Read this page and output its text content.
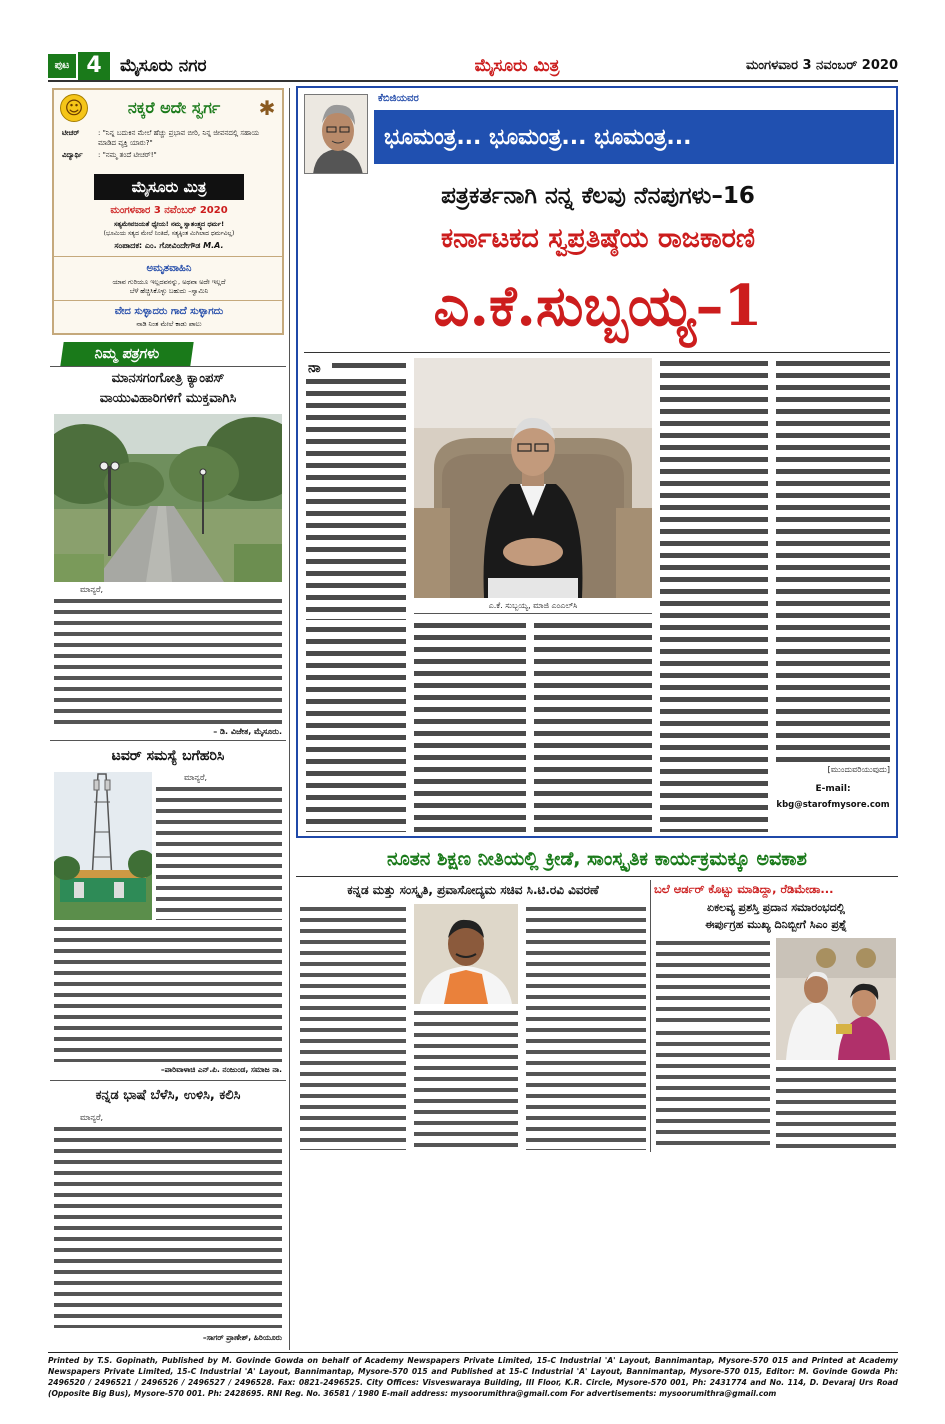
ಪುಟ 4	ಮೈಸೂರು ನಗರ	ಮೈಸೂರು ಮಿತ್ರ	ಮಂಗಳವಾರ 3 ನವಂಬರ್ 2020
☺	ನಕ್ಕರೆ ಅದೇ ಸ್ವರ್ಗ	✱
ಟೀಚರ್	: "ನಿನ್ನ ಬದುಕಿನ ಮೇಲೆ ಹೆಚ್ಚು ಪ್ರಭಾವ ಬೀರಿ, ನಿನ್ನ ಜೀವನದಲ್ಲಿ ಸಹಾಯ ಮಾಡಿದ ವ್ಯಕ್ತಿ ಯಾರು?"
ವಿದ್ಯಾರ್ಥಿ	: "ನಮ್ಮ ತಂದೆ ಟೀಚರ್!"
ಮೈಸೂರು ಮಿತ್ರ
ಮಂಗಳವಾರ 3 ನವೆಂಬರ್ 2020
ಸತ್ಯಮೇವಜಯತೆ ಧ್ಯೇಯ! ನಮ್ಮ ಸ್ವಾತಂತ್ರ್ಯದ ಧರ್ಮ!
(ಭೂಮಿಯ ಸತ್ಯದ ಮೇಲೆ ನಿಂತಿದೆ, ಸತ್ಯಕ್ಕಿಂತ ಮಿಗಿಲಾದ ಧರ್ಮವಿಲ್ಲ)
ಸಂಪಾದಕ: ಎಂ. ಗೋವಿಂದೇಗೌಡ M.A.
ಅಮೃತವಾಹಿನಿ
ಯಾವ ಗುರಿಯೂ ಇಲ್ಲದವನನ್ನು, ಅಥವಾ ಅದೇ ಇಲ್ಲದೆ
ಬೆಳೆ ಹೆಚ್ಚಿಸಿಕೊಳ್ಳು ಬಹುದು –ಸ್ವಾಮಿನಿ
ವೇದ ಸುಳ್ಳಾದರು ಗಾದೆ ಸುಳ್ಳಾಗದು
ನಾಡಿ ನಿಂತ ಮೇಲೆ ಕಾಡು ಪಾಲು
ನಿಮ್ಮ ಪತ್ರಗಳು
ಮಾನಸಗಂಗೋತ್ರಿ ಕ್ಯಾಂಪಸ್
ವಾಯುವಿಹಾರಿಗಳಿಗೆ ಮುಕ್ತವಾಗಿಸಿ
ಮಾನ್ಯರೆ,
– ಡಿ. ವಿಜೇತ, ಮೈಸೂರು.
ಟವರ್ ಸಮಸ್ಯೆ ಬಗೆಹರಿಸಿ
ಮಾನ್ಯರೆ,
–ಪಾರಿವಾಳಾಚಿ ಎನ್.ಪಿ. ನಂಜುಂಡ, ಸಮಾಜ ನಾ.
ಕನ್ನಡ ಭಾಷೆ ಬೆಳೆಸಿ, ಉಳಿಸಿ, ಕಲಿಸಿ
ಮಾನ್ಯರೆ,
–ಸಾಗರ್ ಪ್ರಾಣೇಶ್, ಹಿರಿಯೂರು
ಕೆಬಿಜಿಯವರ
ಭೂಮಂತ್ರ... ಭೂಮಂತ್ರ... ಭೂಮಂತ್ರ...
ಪತ್ರಕರ್ತನಾಗಿ ನನ್ನ ಕೆಲವು ನೆನಪುಗಳು–16
ಕರ್ನಾಟಕದ ಸ್ವಪ್ರತಿಷ್ಠೆಯ ರಾಜಕಾರಣಿ
ಎ.ಕೆ.ಸುಬ್ಬಯ್ಯ–1
ನಾ
ಎ.ಕೆ. ಸುಬ್ಬಯ್ಯ, ಮಾಜಿ ಎಂಎಲ್‌ಸಿ
[ಮುಂದುವರಿಯುವುದು]
E-mail:
kbg@starofmysore.com
ನೂತನ ಶಿಕ್ಷಣ ನೀತಿಯಲ್ಲಿ ಕ್ರೀಡೆ, ಸಾಂಸ್ಕೃತಿಕ ಕಾರ್ಯಕ್ರಮಕ್ಕೂ ಅವಕಾಶ
ಕನ್ನಡ ಮತ್ತು ಸಂಸ್ಕೃತಿ, ಪ್ರವಾಸೋದ್ಯಮ ಸಚಿವ ಸಿ.ಟಿ.ರವಿ ವಿವರಣೆ	ಬಲೆ ಆರ್ಡರ್ ಕೊಟ್ಟು ಮಾಡಿದ್ದಾ, ರೆಡಿಮೇಡಾ...
ಏಕಲವ್ಯ ಪ್ರಶಸ್ತಿ ಪ್ರದಾನ ಸಮಾರಂಭದಲ್ಲಿ
ಈರ್ಪುಗ್ರಹ ಮುಖ್ಯ ದಿನಿಬ್ಬೀಗೆ ಸಿಎಂ ಪ್ರಶ್ನೆ
Printed by T.S. Gopinath, Published by M. Govinde Gowda on behalf of Academy Newspapers Private Limited, 15-C Industrial 'A' Layout, Bannimantap, Mysore-570 015 and Printed at Academy Newspapers Private Limited, 15-C Industrial 'A' Layout, Bannimantap, Mysore-570 015 and Published at 15-C Industrial 'A' Layout, Bannimantap, Mysore-570 015, Editor: M. Govinde Gowda Ph: 2496520 / 2496521 / 2496526 / 2496527 / 2496528. Fax: 0821-2496525. City Offices: Visveswaraya Building, III Floor, K.R. Circle, Mysore-570 001, Ph: 2431774 and No. 114, D. Devaraj Urs Road (Opposite Big Bus), Mysore-570 001. Ph: 2428695. RNI Reg. No. 36581 / 1980 E-mail address: mysoorumithra@gmail.com For advertisements: mysoorumithra@gmail.com
